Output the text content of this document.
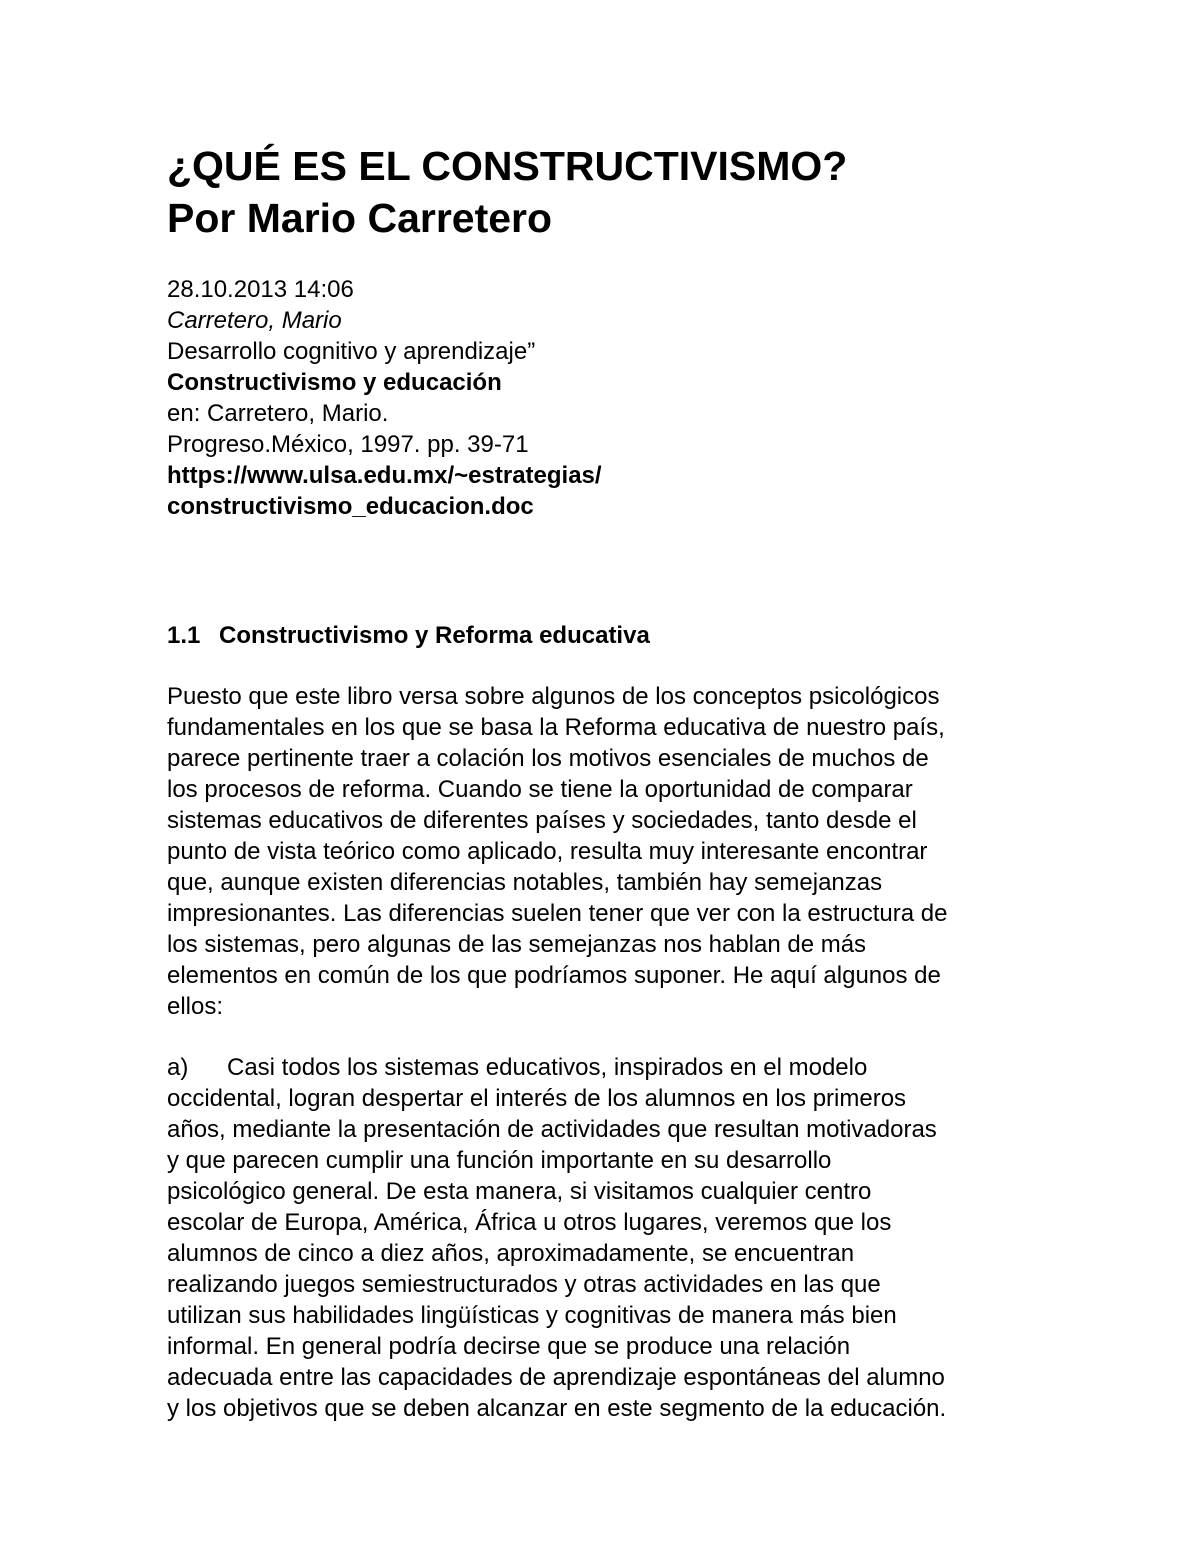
¿QUÉ ES EL CONSTRUCTIVISMO?
Por Mario Carretero
28.10.2013 14:06
Carretero, Mario
Desarrollo cognitivo y aprendizaje”
Constructivismo y educación
en: Carretero, Mario.
Progreso.México, 1997. pp. 39-71
https://www.ulsa.edu.mx/~estrategias/
constructivismo_educacion.doc
1.1 Constructivismo y Reforma educativa
Puesto que este libro versa sobre algunos de los conceptos psicológicos
fundamentales en los que se basa la Reforma educativa de nuestro país,
parece pertinente traer a colación los motivos esenciales de muchos de
los procesos de reforma. Cuando se tiene la oportunidad de comparar
sistemas educativos de diferentes países y sociedades, tanto desde el
punto de vista teórico como aplicado, resulta muy interesante encontrar
que, aunque existen diferencias notables, también hay semejanzas
impresionantes. Las diferencias suelen tener que ver con la estructura de
los sistemas, pero algunas de las semejanzas nos hablan de más
elementos en común de los que podríamos suponer. He aquí algunos de
ellos:
a) Casi todos los sistemas educativos, inspirados en el modelo
occidental, logran despertar el interés de los alumnos en los primeros
años, mediante la presentación de actividades que resultan motivadoras
y que parecen cumplir una función importante en su desarrollo
psicológico general. De esta manera, si visitamos cualquier centro
escolar de Europa, América, África u otros lugares, veremos que los
alumnos de cinco a diez años, aproximadamente, se encuentran
realizando juegos semiestructurados y otras actividades en las que
utilizan sus habilidades lingüísticas y cognitivas de manera más bien
informal. En general podría decirse que se produce una relación
adecuada entre las capacidades de aprendizaje espontáneas del alumno
y los objetivos que se deben alcanzar en este segmento de la educación.
